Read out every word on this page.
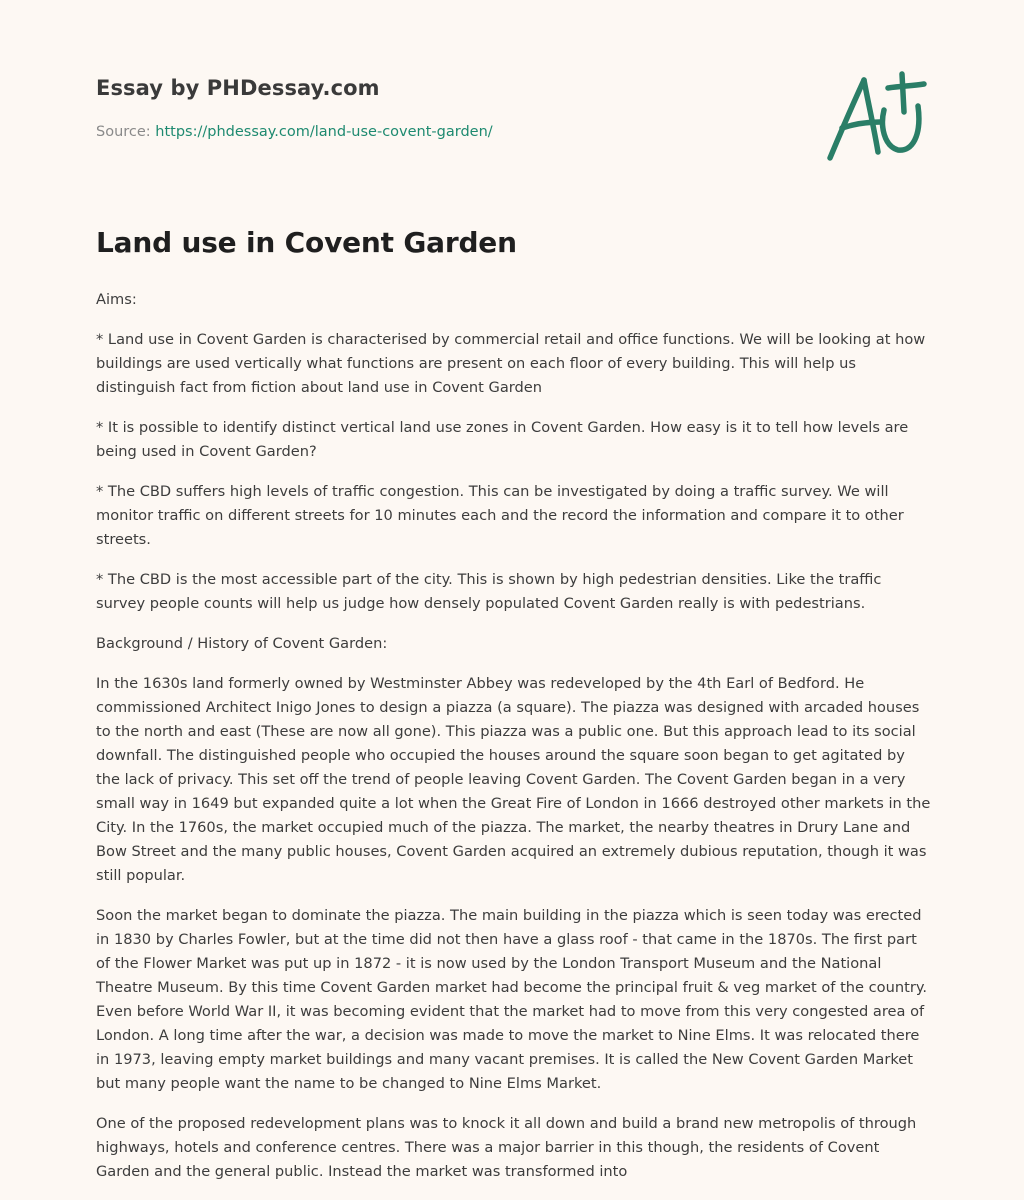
Essay by PHDessay.com
Source: https://phdessay.com/land-use-covent-garden/
Land use in Covent Garden

Aims:

* Land use in Covent Garden is characterised by commercial retail and office functions. We will be looking at how buildings are used vertically what functions are present on each floor of every building. This will help us distinguish fact from fiction about land use in Covent Garden

* It is possible to identify distinct vertical land use zones in Covent Garden. How easy is it to tell how levels are being used in Covent Garden?

* The CBD suffers high levels of traffic congestion. This can be investigated by doing a traffic survey. We will monitor traffic on different streets for 10 minutes each and the record the information and compare it to other streets.

* The CBD is the most accessible part of the city. This is shown by high pedestrian densities. Like the traffic survey people counts will help us judge how densely populated Covent Garden really is with pedestrians.

Background / History of Covent Garden:

In the 1630s land formerly owned by Westminster Abbey was redeveloped by the 4th Earl of Bedford. He commissioned Architect Inigo Jones to design a piazza (a square). The piazza was designed with arcaded houses to the north and east (These are now all gone). This piazza was a public one. But this approach lead to its social downfall. The distinguished people who occupied the houses around the square soon began to get agitated by the lack of privacy. This set off the trend of people leaving Covent Garden. The Covent Garden began in a very small way in 1649 but expanded quite a lot when the Great Fire of London in 1666 destroyed other markets in the City. In the 1760s, the market occupied much of the piazza. The market, the nearby theatres in Drury Lane and Bow Street and the many public houses, Covent Garden acquired an extremely dubious reputation, though it was still popular.

Soon the market began to dominate the piazza. The main building in the piazza which is seen today was erected in 1830 by Charles Fowler, but at the time did not then have a glass roof - that came in the 1870s. The first part of the Flower Market was put up in 1872 - it is now used by the London Transport Museum and the National Theatre Museum. By this time Covent Garden market had become the principal fruit & veg market of the country. Even before World War II, it was becoming evident that the market had to move from this very congested area of London. A long time after the war, a decision was made to move the market to Nine Elms. It was relocated there in 1973, leaving empty market buildings and many vacant premises. It is called the New Covent Garden Market but many people want the name to be changed to Nine Elms Market.

One of the proposed redevelopment plans was to knock it all down and build a brand new metropolis of through highways, hotels and conference centres. There was a major barrier in this though, the residents of Covent Garden and the general public. Instead the market was transformed into
